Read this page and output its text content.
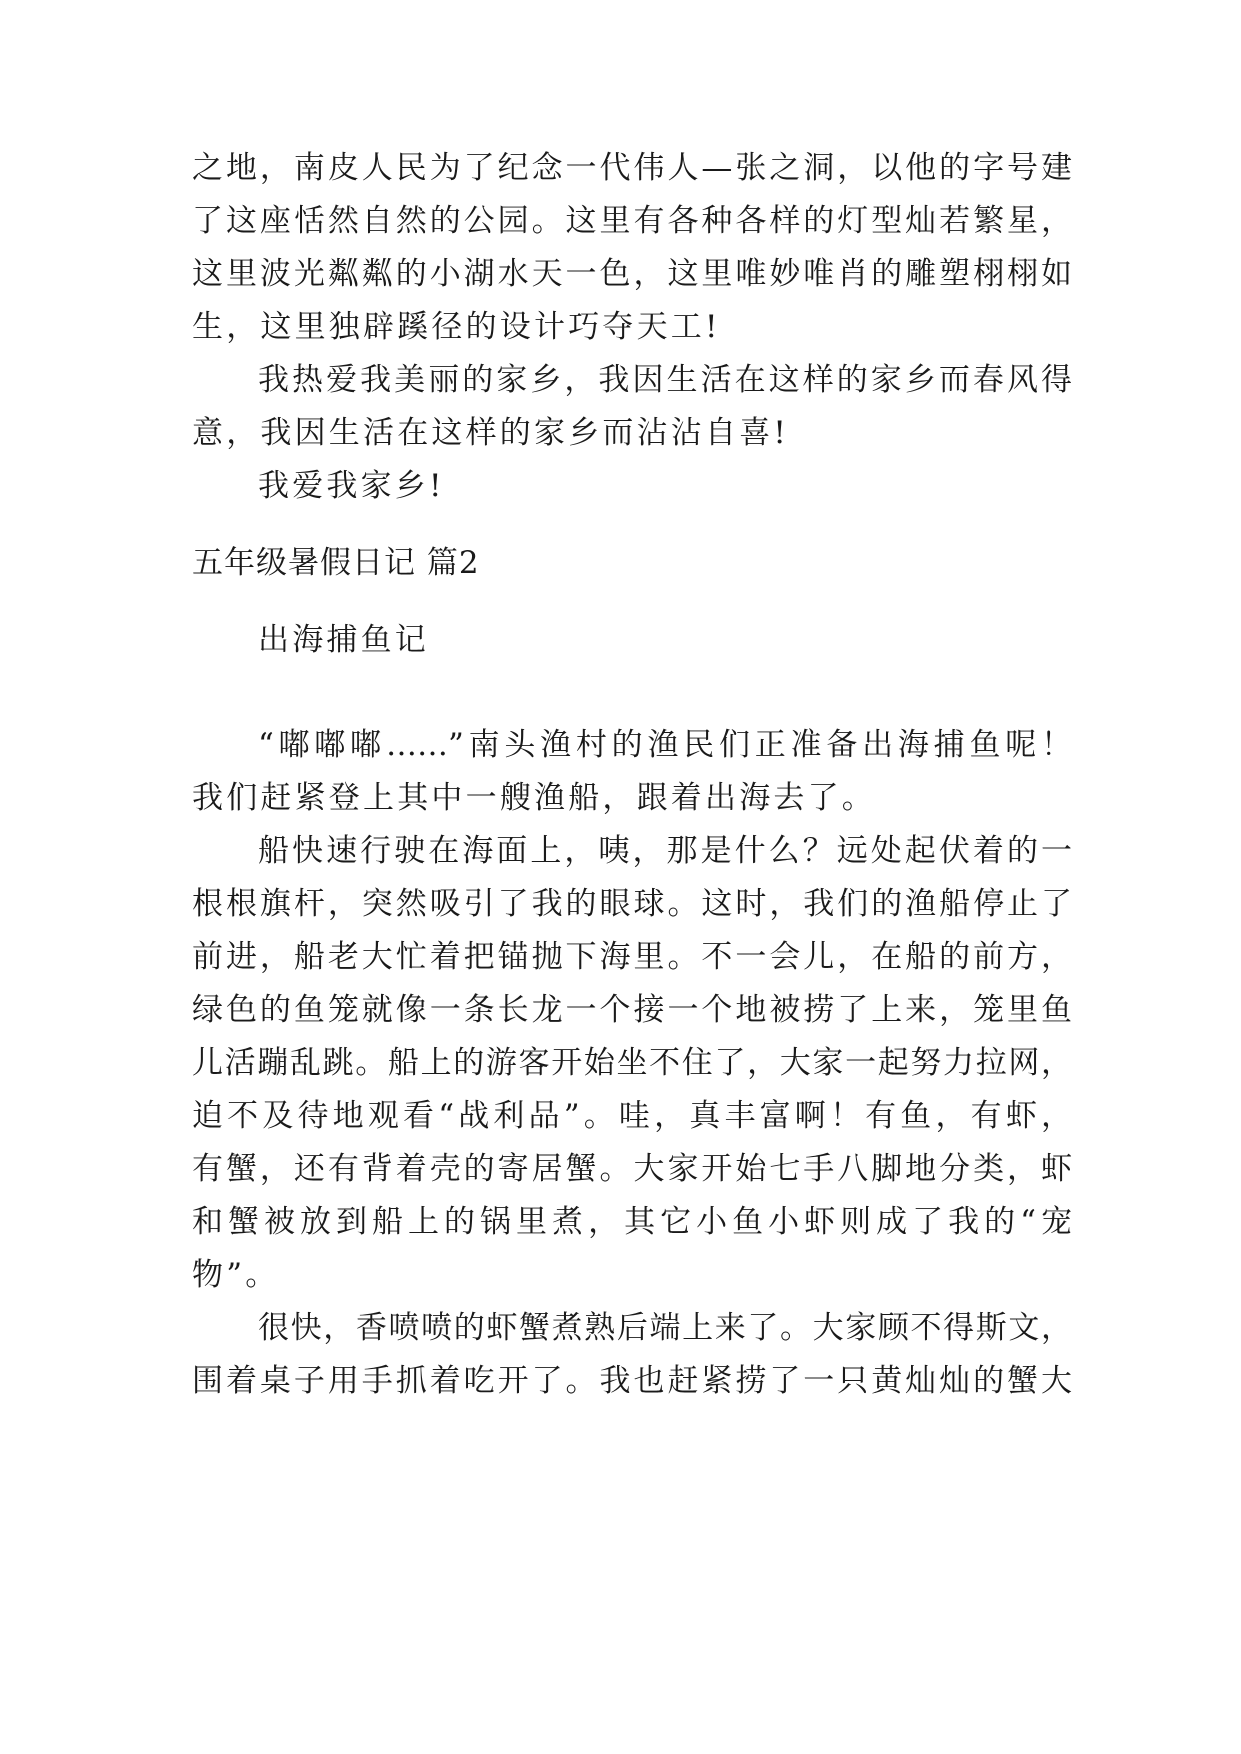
之地，南皮人民为了纪念一代伟人—张之洞，以他的字号建
了这座恬然自然的公园。这里有各种各样的灯型灿若繁星，
这里波光粼粼的小湖水天一色，这里唯妙唯肖的雕塑栩栩如
生，这里独辟蹊径的设计巧夺天工!
我热爱我美丽的家乡，我因生活在这样的家乡而春风得
意，我因生活在这样的家乡而沾沾自喜!
我爱我家乡!
五年级暑假日记 篇2
出海捕鱼记
“嘟嘟嘟……”南头渔村的渔民们正准备出海捕鱼呢！
我们赶紧登上其中一艘渔船，跟着出海去了。
船快速行驶在海面上，咦，那是什么？远处起伏着的一
根根旗杆，突然吸引了我的眼球。这时，我们的渔船停止了
前进，船老大忙着把锚抛下海里。不一会儿，在船的前方，
绿色的鱼笼就像一条长龙一个接一个地被捞了上来，笼里鱼
儿活蹦乱跳。船上的游客开始坐不住了，大家一起努力拉网，
迫不及待地观看“战利品”。哇，真丰富啊！有鱼，有虾，
有蟹，还有背着壳的寄居蟹。大家开始七手八脚地分类，虾
和蟹被放到船上的锅里煮，其它小鱼小虾则成了我的“宠
物”。
很快，香喷喷的虾蟹煮熟后端上来了。大家顾不得斯文，
围着桌子用手抓着吃开了。我也赶紧捞了一只黄灿灿的蟹大
